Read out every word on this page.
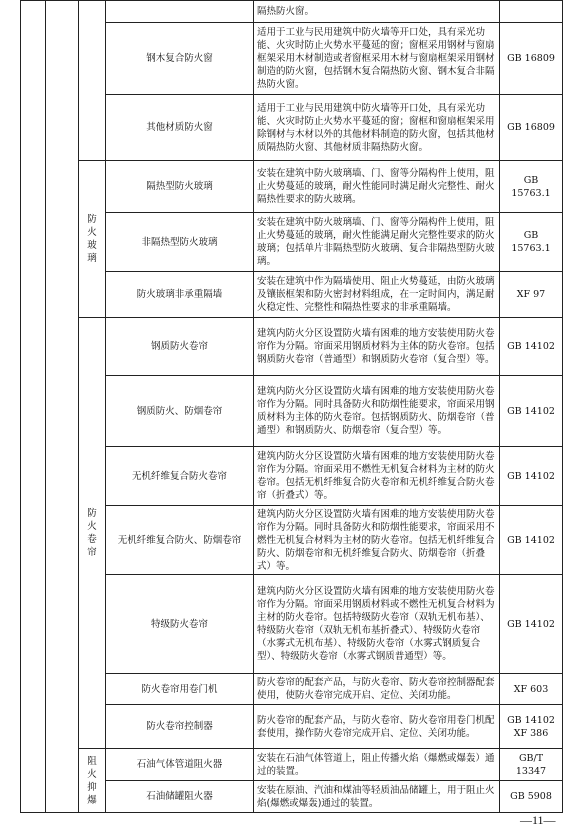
				隔热防火窗。	
			钢木复合防火窗	适用于工业与民用建筑中防火墙等开口处，具有采光功能、火灾时防止火势水平蔓延的窗；窗框采用钢材与窗扇框架采用木材制造或者窗框采用木材与窗扇框架采用钢材制造的防火窗，包括钢木复合隔热防火窗、钢木复合非隔热防火窗。	GB 16809
			其他材质防火窗	适用于工业与民用建筑中防火墙等开口处，具有采光功能、火灾时防止火势水平蔓延的窗；窗框和窗扇框架采用除钢材与木材以外的其他材料制造的防火窗，包括其他材质隔热防火窗、其他材质非隔热防火窗。	GB 16809

		防
火
玻
璃	隔热型防火玻璃	安装在建筑中防火玻璃墙、门、窗等分隔构件上使用，阻止火势蔓延的玻璃，耐火性能同时满足耐火完整性、耐火隔热性要求的防火玻璃。	GB 15763.1
			非隔热型防火玻璃	安装在建筑中防火玻璃墙、门、窗等分隔构件上使用，阻止火势蔓延的玻璃，耐火性能满足耐火完整性要求的防火玻璃；包括单片非隔热型防火玻璃、复合非隔热型防火玻璃。	GB 15763.1
			防火玻璃非承重隔墙	安装在建筑中作为隔墙使用、阻止火势蔓延，由防火玻璃及镶嵌框架和防火密封材料组成，在一定时间内，满足耐火稳定性、完整性和隔热性要求的非承重隔墙。	XF 97

		防
火
卷
帘	钢质防火卷帘	建筑内防火分区设置防火墙有困难的地方安装使用防火卷帘作为分隔。帘面采用钢质材料为主体的防火卷帘。包括钢质防火卷帘（普通型）和钢质防火卷帘（复合型）等。	GB 14102
			钢质防火、防烟卷帘	建筑内防火分区设置防火墙有困难的地方安装使用防火卷帘作为分隔。同时具备防火和防烟性能要求，帘面采用钢质材料为主体的防火卷帘。包括钢质防火、防烟卷帘（普通型）和钢质防火、防烟卷帘（复合型）等。	GB 14102
			无机纤维复合防火卷帘	建筑内防火分区设置防火墙有困难的地方安装使用防火卷帘作为分隔。帘面采用不燃性无机复合材料为主材的防火卷帘。包括无机纤维复合防火卷帘和无机纤维复合防火卷帘（折叠式）等。	GB 14102
			无机纤维复合防火、防烟卷帘	建筑内防火分区设置防火墙有困难的地方安装使用防火卷帘作为分隔。同时具备防火和防烟性能要求，帘面采用不燃性无机复合材料为主材的防火卷帘。包括无机纤维复合防火、防烟卷帘和无机纤维复合防火、防烟卷帘（折叠式）等。	GB 14102
			特级防火卷帘	建筑内防火分区设置防火墙有困难的地方安装使用防火卷帘作为分隔。帘面采用钢质材料或不燃性无机复合材料为主材的防火卷帘。包括特级防火卷帘（双轨无机布基）、特级防火卷帘（双轨无机布基折叠式）、特级防火卷帘（水雾式无机布基）、特级防火卷帘（水雾式钢质复合型）、特级防火卷帘（水雾式钢质普通型）等。	GB 14102
			防火卷帘用卷门机	防火卷帘的配套产品，与防火卷帘、防火卷帘控制器配套使用，使防火卷帘完成开启、定位、关闭功能。	XF 603
			防火卷帘控制器	防火卷帘的配套产品，与防火卷帘、防火卷帘用卷门机配套使用，操作防火卷帘完成开启、定位、关闭功能。	GB 14102
XF 386

		阻
火
抑
爆	石油气体管道阻火器	安装在石油气体管道上，阻止传播火焰（爆燃或爆轰）通过的装置。	GB/T 13347
			石油储罐阻火器	安装在原油、汽油和煤油等轻质油品储罐上，用于阻止火焰(爆燃或爆轰)通过的装置。	GB 5908
—11—
